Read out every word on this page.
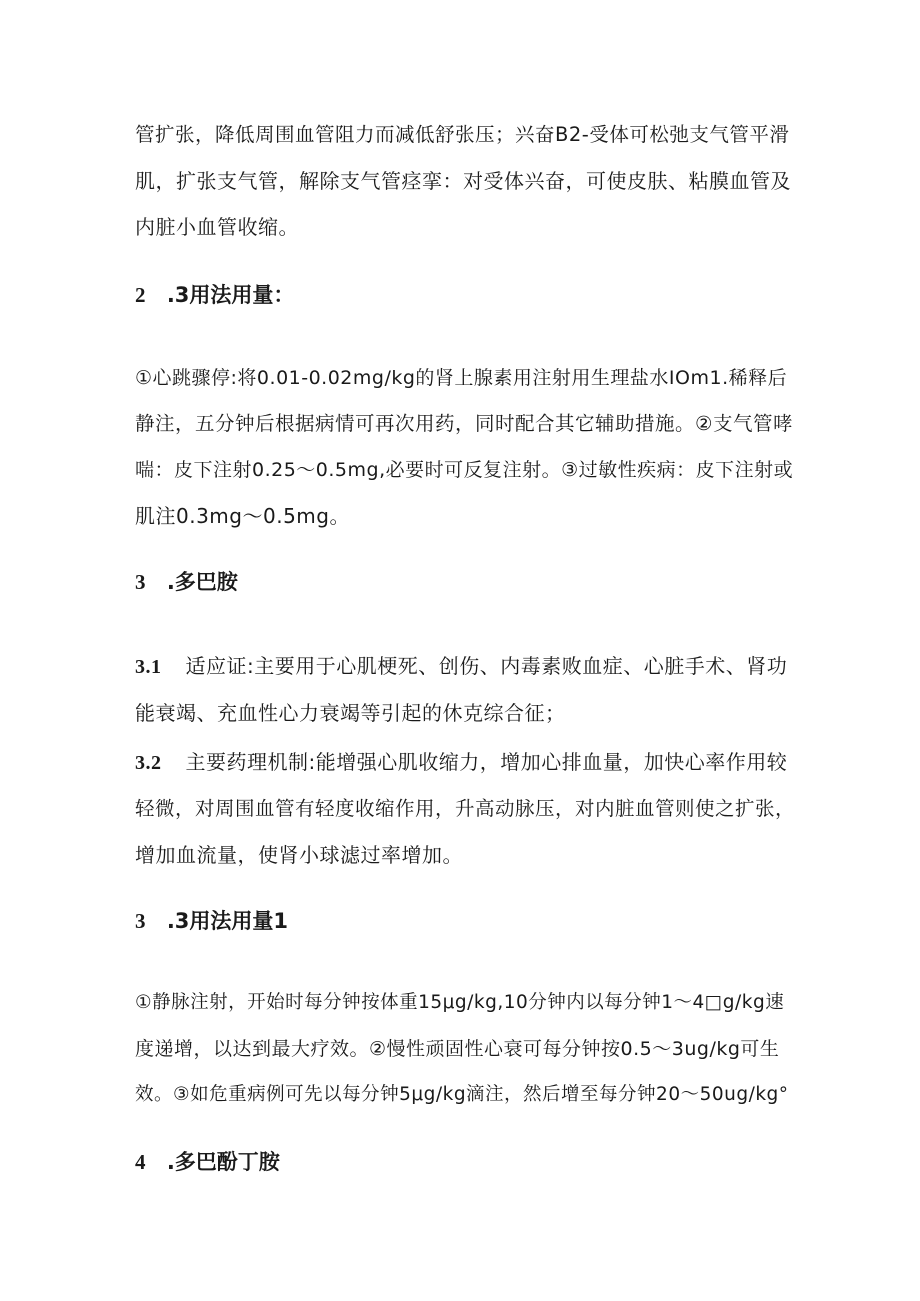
管扩张，降低周围血管阻力而减低舒张压；兴奋B2-受体可松弛支气管平滑
肌，扩张支气管，解除支气管痉挛：对受体兴奋，可使皮肤、粘膜血管及
内脏小血管收缩。

2 .3用法用量：

①心跳骤停:将0.01-0.02mg/kg的肾上腺素用注射用生理盐水IOm1.稀释后
静注，五分钟后根据病情可再次用药，同时配合其它辅助措施。②支气管哮
喘：皮下注射0.25〜0.5mg,必要时可反复注射。③过敏性疾病：皮下注射或
肌注0.3mg〜0.5mg。

3 .多巴胺

3.1 适应证:主要用于心肌梗死、创伤、内毒素败血症、心脏手术、肾功
能衰竭、充血性心力衰竭等引起的休克综合征；

3.2 主要药理机制:能增强心肌收缩力，增加心排血量，加快心率作用较
轻微，对周围血管有轻度收缩作用，升高动脉压，对内脏血管则使之扩张，
增加血流量，使肾小球滤过率增加。

3 .3用法用量1

①静脉注射，开始时每分钟按体重15μg/kg,10分钟内以每分钟1〜4□g/kg速
度递增，以达到最大疗效。②慢性顽固性心衰可每分钟按0.5〜3ug/kg可生
效。③如危重病例可先以每分钟5μg/kg滴注，然后增至每分钟20〜50ug/kg°

4 .多巴酚丁胺
